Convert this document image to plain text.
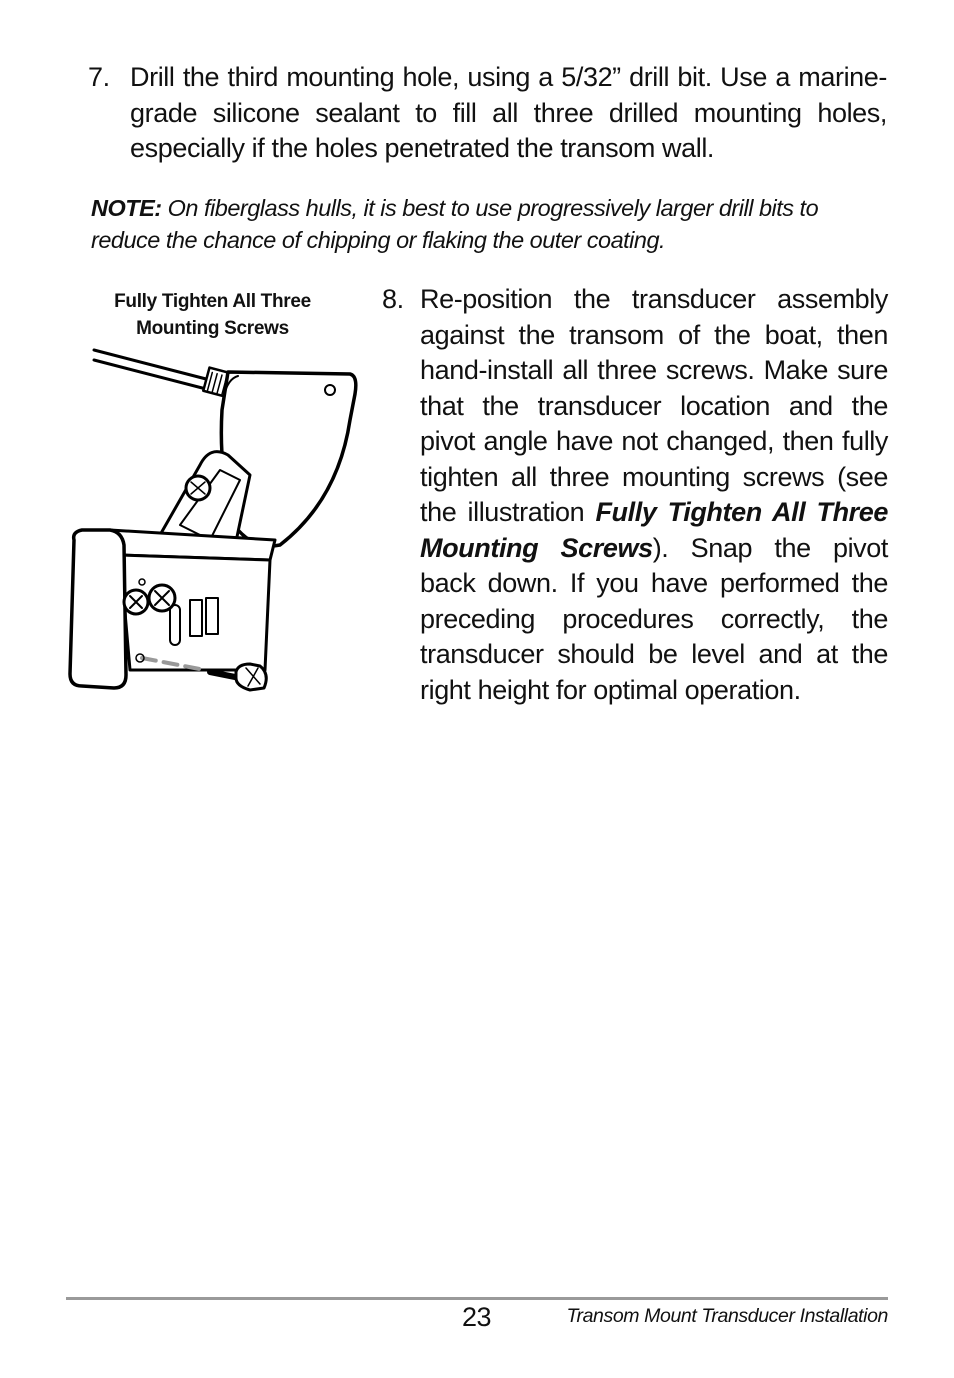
7. Drill the third mounting hole, using a 5/32” drill bit. Use a marine-grade silicone sealant to fill all three drilled mounting holes, especially if the holes penetrated the transom wall.
NOTE: On fiberglass hulls, it is best to use progressively larger drill bits to reduce the chance of chipping or flaking the outer coating.
Fully Tighten All Three
Mounting Screws
8. Re-position the transducer assembly against the transom of the boat, then hand-install all three screws. Make sure that the transducer location and the pivot angle have not changed, then fully tighten all three mounting screws (see the illustration Fully Tighten All Three Mounting Screws). Snap the pivot back down. If you have performed the preceding procedures correctly, the transducer should be level and at the right height for optimal operation.
23	Transom Mount Transducer Installation
